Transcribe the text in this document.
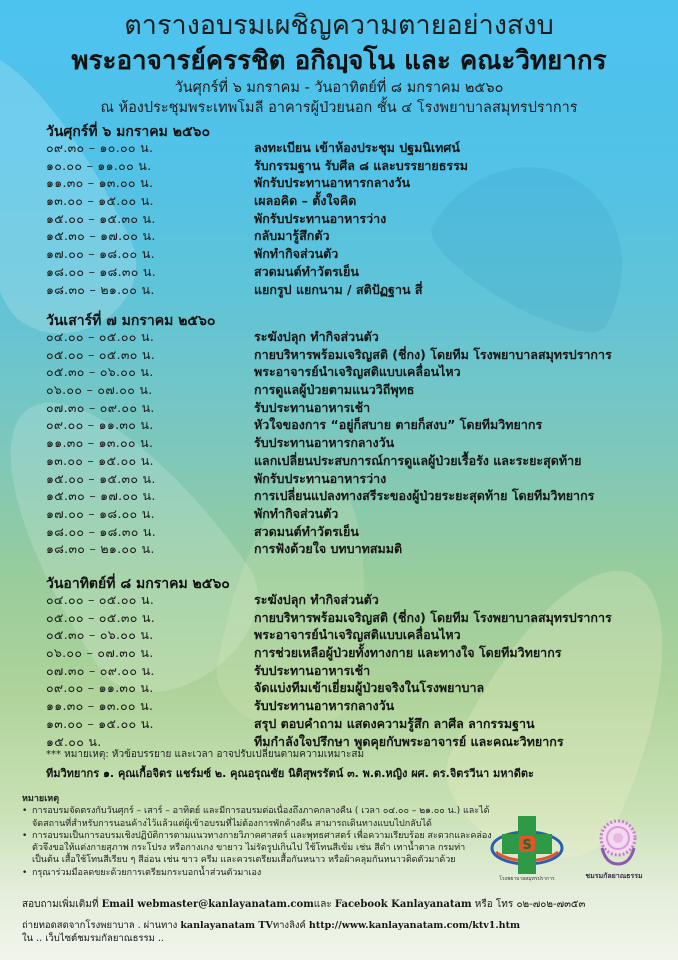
ตารางอบรมเผชิญความตายอย่างสงบ
พระอาจารย์ครรชิต อกิญฺจโน และ คณะวิทยากร
วันศุกร์ที่ ๖ มกราคม - วันอาทิตย์ที่ ๘ มกราคม ๒๕๖๐
ณ ห้องประชุมพระเทพโมลี อาคารผู้ป่วยนอก ชั้น ๔ โรงพยาบาลสมุทรปราการ
วันศุกร์ที่ ๖ มกราคม ๒๕๖๐
๐๙.๓๐ – ๑๐.๐๐ น.	ลงทะเบียน เข้าห้องประชุม ปฐมนิเทศน์
๑๐.๐๐ – ๑๑.๐๐ น.	รับกรรมฐาน รับศีล ๘ และบรรยายธรรม
๑๑.๓๐ – ๑๓.๐๐ น.	พักรับประทานอาหารกลางวัน
๑๓.๐๐ – ๑๕.๐๐ น.	เผลอคิด – ตั้งใจคิด
๑๕.๐๐ – ๑๕.๓๐ น.	พักรับประทานอาหารว่าง
๑๕.๓๐ – ๑๗.๐๐ น.	กลับมารู้สึกตัว
๑๗.๐๐ – ๑๘.๐๐ น.	พักทำกิจส่วนตัว
๑๘.๐๐ – ๑๘.๓๐ น.	สวดมนต์ทำวัตรเย็น
๑๘.๓๐ – ๒๑.๐๐ น.	แยกรูป แยกนาม / สติปัฏฐาน สี่
วันเสาร์ที่ ๗ มกราคม ๒๕๖๐
๐๔.๐๐ – ๐๕.๐๐ น.	ระฆังปลุก ทำกิจส่วนตัว
๐๕.๐๐ – ๐๕.๓๐ น.	กายบริหารพร้อมเจริญสติ (ชี่กง) โดยทีม โรงพยาบาลสมุทรปราการ
๐๕.๓๐ – ๐๖.๐๐ น.	พระอาจารย์นำเจริญสติแบบเคลื่อนไหว
๐๖.๐๐ – ๐๗.๐๐ น.	การดูแลผู้ป่วยตามแนววิถีพุทธ
๐๗.๓๐ – ๐๙.๐๐ น.	รับประทานอาหารเช้า
๐๙.๐๐ – ๑๑.๓๐ น.	หัวใจของการ “อยู่ก็สบาย ตายก็สงบ” โดยทีมวิทยากร
๑๑.๓๐ – ๑๓.๐๐ น.	รับประทานอาหารกลางวัน
๑๓.๐๐ – ๑๕.๐๐ น.	แลกเปลี่ยนประสบการณ์การดูแลผู้ป่วยเรื้อรัง และระยะสุดท้าย
๑๕.๐๐ – ๑๕.๓๐ น.	พักรับประทานอาหารว่าง
๑๕.๓๐ – ๑๗.๐๐ น.	การเปลี่ยนแปลงทางสรีระของผู้ป่วยระยะสุดท้าย โดยทีมวิทยากร
๑๗.๐๐ – ๑๘.๐๐ น.	พักทำกิจส่วนตัว
๑๘.๐๐ – ๑๘.๓๐ น.	สวดมนต์ทำวัตรเย็น
๑๘.๓๐ – ๒๑.๐๐ น.	การฟังด้วยใจ บทบาทสมมติ
วันอาทิตย์ที่ ๘ มกราคม ๒๕๖๐
๐๔.๐๐ – ๐๕.๐๐ น.	ระฆังปลุก ทำกิจส่วนตัว
๐๕.๐๐ – ๐๕.๓๐ น.	กายบริหารพร้อมเจริญสติ (ชี่กง) โดยทีม โรงพยาบาลสมุทรปราการ
๐๕.๓๐ – ๐๖.๐๐ น.	พระอาจารย์นำเจริญสติแบบเคลื่อนไหว
๐๖.๐๐ – ๐๗.๓๐ น.	การช่วยเหลือผู้ป่วยทั้งทางกาย และทางใจ โดยทีมวิทยากร
๐๗.๓๐ – ๐๙.๐๐ น.	รับประทานอาหารเช้า
๐๙.๐๐ – ๑๑.๓๐ น.	จัดแบ่งทีมเข้าเยี่ยมผู้ป่วยจริงในโรงพยาบาล
๑๑.๓๐ – ๑๓.๐๐ น.	รับประทานอาหารกลางวัน
๑๓.๐๐ – ๑๕.๐๐ น.	สรุป ตอบคำถาม แสดงความรู้สึก ลาศีล ลากรรมฐาน
๑๕.๐๐ น.	ทีมกำลังใจปรึกษา พูดคุยกับพระอาจารย์ และคณะวิทยากร
*** หมายเหตุ: หัวข้อบรรยาย และเวลา อาจปรับเปลี่ยนตามความเหมาะสม
ทีมวิทยากร ๑. คุณเกื้อจิตร แชร์มซ์ ๒. คุณอรุณชัย นิติสุพรรัตน์ ๓. พ.ต.หญิง ผศ. ดร.จิตรวีนา มหาดีตะ
หมายเหตุ
• การอบรมจัดตรงกับวันศุกร์ – เสาร์ – อาทิตย์ และมีการอบรมต่อเนื่องถึงภาคกลางคืน ( เวลา ๐๔.๐๐ – ๒๑.๐๐ น.) และได้จัดสถานที่สำหรับการนอนค้างไว้แล้วแต่ผู้เข้าอบรมที่ไม่ต้องการพักค้างคืน สามารถเดินทางแบบไปกลับได้
• การอบรมเป็นการอบรมเชิงปฏิบัติการตามแนวทางกายวิภาคศาสตร์ และพุทธศาสตร์ เพื่อความเรียบร้อย สะดวกและคล่องตัวจึงขอให้แต่งกายสุภาพ กระโปรง หรือกางเกง ขายาว ไม่รัดรูปเกินไป ใช้โทนสีเข้ม เช่น สีดำ เทาน้ำตาล กรมท่า เป็นต้น เสื้อใช้โทนสีเรียบ ๆ สีอ่อน เช่น ขาว ครีม และควรเตรียมเสื้อกันหนาว หรือผ้าคลุมกันหนาวติดตัวมาด้วย
• กรุณาร่วมมือลดขยะด้วยการเตรียมกระบอกน้ำส่วนตัวมาเอง
สอบถามเพิ่มเติมที่ Email webmaster@kanlayanatam.comและ Facebook Kanlayanatam หรือ โทร ๐๒-๗๐๒-๗๓๕๓
ถ่ายทอดสดจากโรงพยาบาล . ผ่านทาง kanlayanatam TVทางลิงค์ http://www.kanlayanatam.com/ktv1.htm
ใน .. เว็บไซต์ชมรมกัลยาณธรรม ..
S
โรงพยาบาลสมุทรปราการ	ชมรมกัลยาณธรรม
